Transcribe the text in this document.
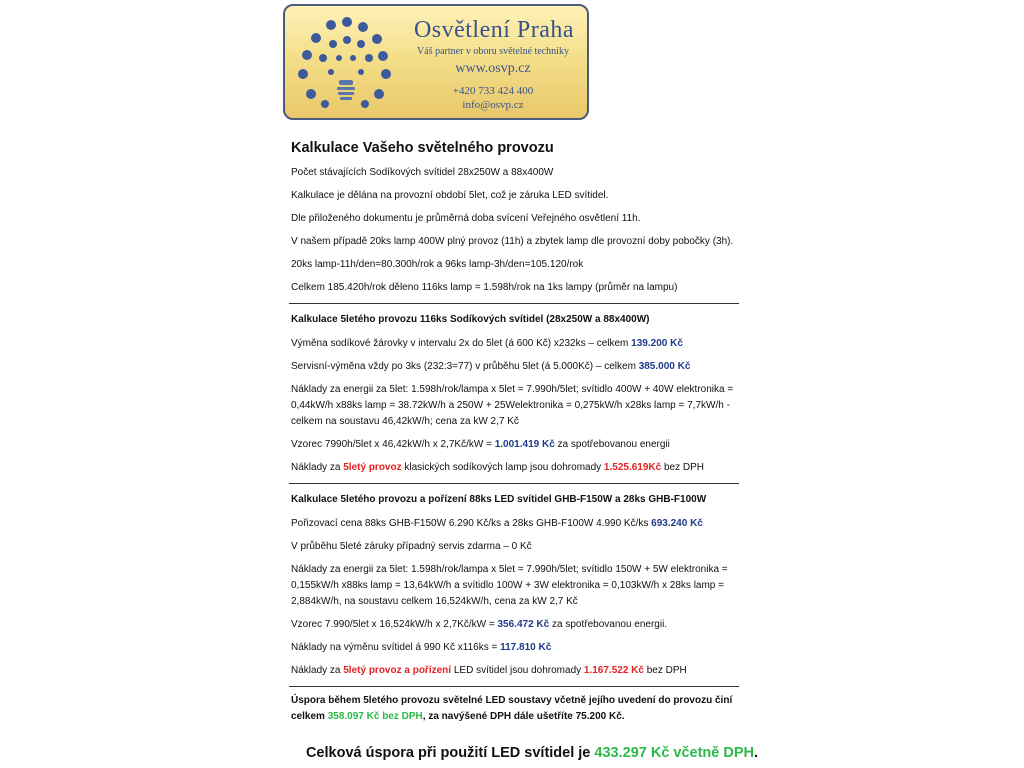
Osvětlení Praha
Váš partner v oboru světelné techniky
www.osvp.cz
+420 733 424 400
info@osvp.cz
Kalkulace Vašeho světelného provozu

Počet stávajících Sodíkových svítidel 28x250W a 88x400W

Kalkulace je dělána na provozní období 5let, což je záruka LED svítidel.

Dle přiloženého dokumentu je průměrná doba svícení Veřejného osvětlení 11h.

V našem případě 20ks lamp 400W plný provoz (11h) a zbytek lamp dle provozní doby pobočky (3h).

20ks lamp-11h/den=80.300h/rok a 96ks lamp-3h/den=105.120/rok

Celkem 185.420h/rok děleno 116ks lamp = 1.598h/rok na 1ks lampy (průměr na lampu)

Kalkulace 5letého provozu 116ks Sodíkových svítidel (28x250W a 88x400W)

Výměna sodíkové žárovky v intervalu 2x do 5let (á 600 Kč) x232ks – celkem 139.200 Kč

Servisní-výměna vždy po 3ks (232:3=77) v průběhu 5let (á 5.000Kč) – celkem 385.000 Kč

Náklady za energii za 5let: 1.598h/rok/lampa x 5let = 7.990h/5let; svítidlo 400W + 40W elektronika = 0,44kW/h x88ks lamp = 38.72kW/h a 250W + 25Welektronika = 0,275kW/h x28ks lamp = 7,7kW/h - celkem na soustavu 46,42kW/h; cena za kW 2,7 Kč

Vzorec 7990h/5let x 46,42kW/h x 2,7Kč/kW = 1.001.419 Kč za spotřebovanou energii

Náklady za 5letý provoz klasických sodíkových lamp jsou dohromady 1.525.619Kč bez DPH

Kalkulace 5letého provozu a pořízení 88ks LED svítidel GHB-F150W a 28ks GHB-F100W

Pořizovací cena 88ks GHB-F150W 6.290 Kč/ks a 28ks GHB-F100W 4.990 Kč/ks 693.240 Kč

V průběhu 5leté záruky případný servis zdarma – 0 Kč

Náklady za energii za 5let: 1.598h/rok/lampa x 5let = 7.990h/5let; svítidlo 150W + 5W elektronika = 0,155kW/h x88ks lamp = 13,64kW/h a svítidlo 100W + 3W elektronika = 0,103kW/h x 28ks lamp = 2,884kW/h, na soustavu celkem 16,524kW/h, cena za kW 2,7 Kč

Vzorec 7.990/5let x 16,524kW/h x 2,7Kč/kW = 356.472 Kč za spotřebovanou energii.

Náklady na výměnu svítidel á 990 Kč x116ks = 117.810 Kč

Náklady za 5letý provoz a pořízení LED svítidel jsou dohromady 1.167.522 Kč bez DPH

Úspora během 5letého provozu světelné LED soustavy včetně jejího uvedení do provozu činí celkem 358.097 Kč bez DPH, za navýšené DPH dále ušetříte 75.200 Kč.

Celková úspora při použití LED svítidel je 433.297 Kč včetně DPH.
